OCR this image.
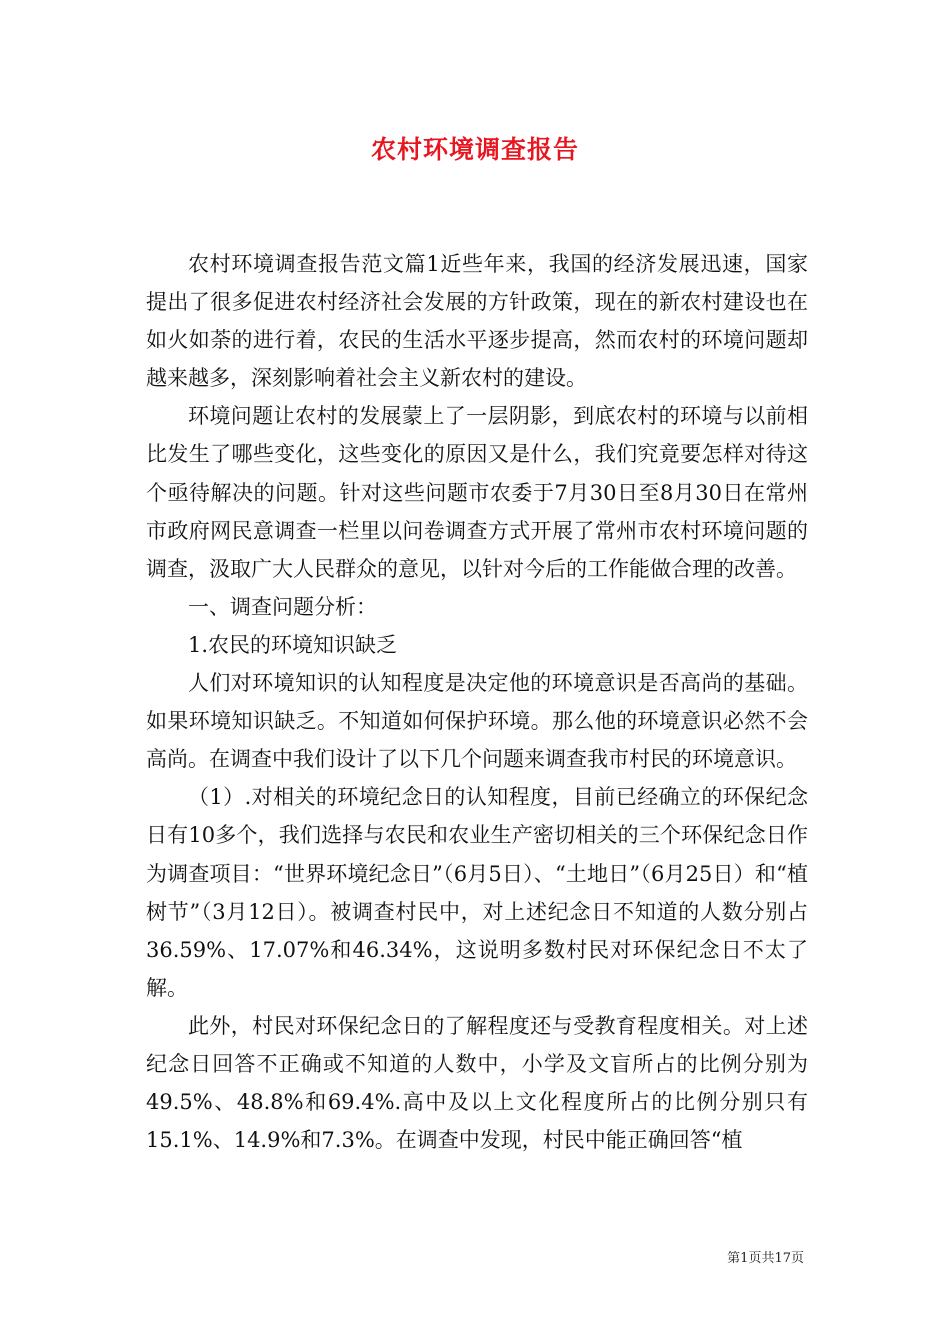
农村环境调查报告

农村环境调查报告范文篇1近些年来，我国的经济发展迅速，国家提出了很多促进农村经济社会发展的方针政策，现在的新农村建设也在如火如荼的进行着，农民的生活水平逐步提高，然而农村的环境问题却越来越多，深刻影响着社会主义新农村的建设。

环境问题让农村的发展蒙上了一层阴影，到底农村的环境与以前相比发生了哪些变化，这些变化的原因又是什么，我们究竟要怎样对待这个亟待解决的问题。针对这些问题市农委于7月30日至8月30日在常州市政府网民意调查一栏里以问卷调查方式开展了常州市农村环境问题的调查，汲取广大人民群众的意见，以针对今后的工作能做合理的改善。

一、调查问题分析：

1.农民的环境知识缺乏

人们对环境知识的认知程度是决定他的环境意识是否高尚的基础。如果环境知识缺乏。不知道如何保护环境。那么他的环境意识必然不会高尚。在调查中我们设计了以下几个问题来调查我市村民的环境意识。

（1）.对相关的环境纪念日的认知程度，目前已经确立的环保纪念日有10多个，我们选择与农民和农业生产密切相关的三个环保纪念日作为调查项目：“世界环境纪念日”（6月5日）、“土地日”（6月25日）和“植树节”（3月12日）。被调查村民中，对上述纪念日不知道的人数分别占36.59%、17.07%和46.34%，这说明多数村民对环保纪念日不太了解。

此外，村民对环保纪念日的了解程度还与受教育程度相关。对上述纪念日回答不正确或不知道的人数中，小学及文盲所占的比例分别为49.5%、48.8%和69.4%.高中及以上文化程度所占的比例分别只有15.1%、14.9%和7.3%。在调查中发现，村民中能正确回答“植

第1页共17页
